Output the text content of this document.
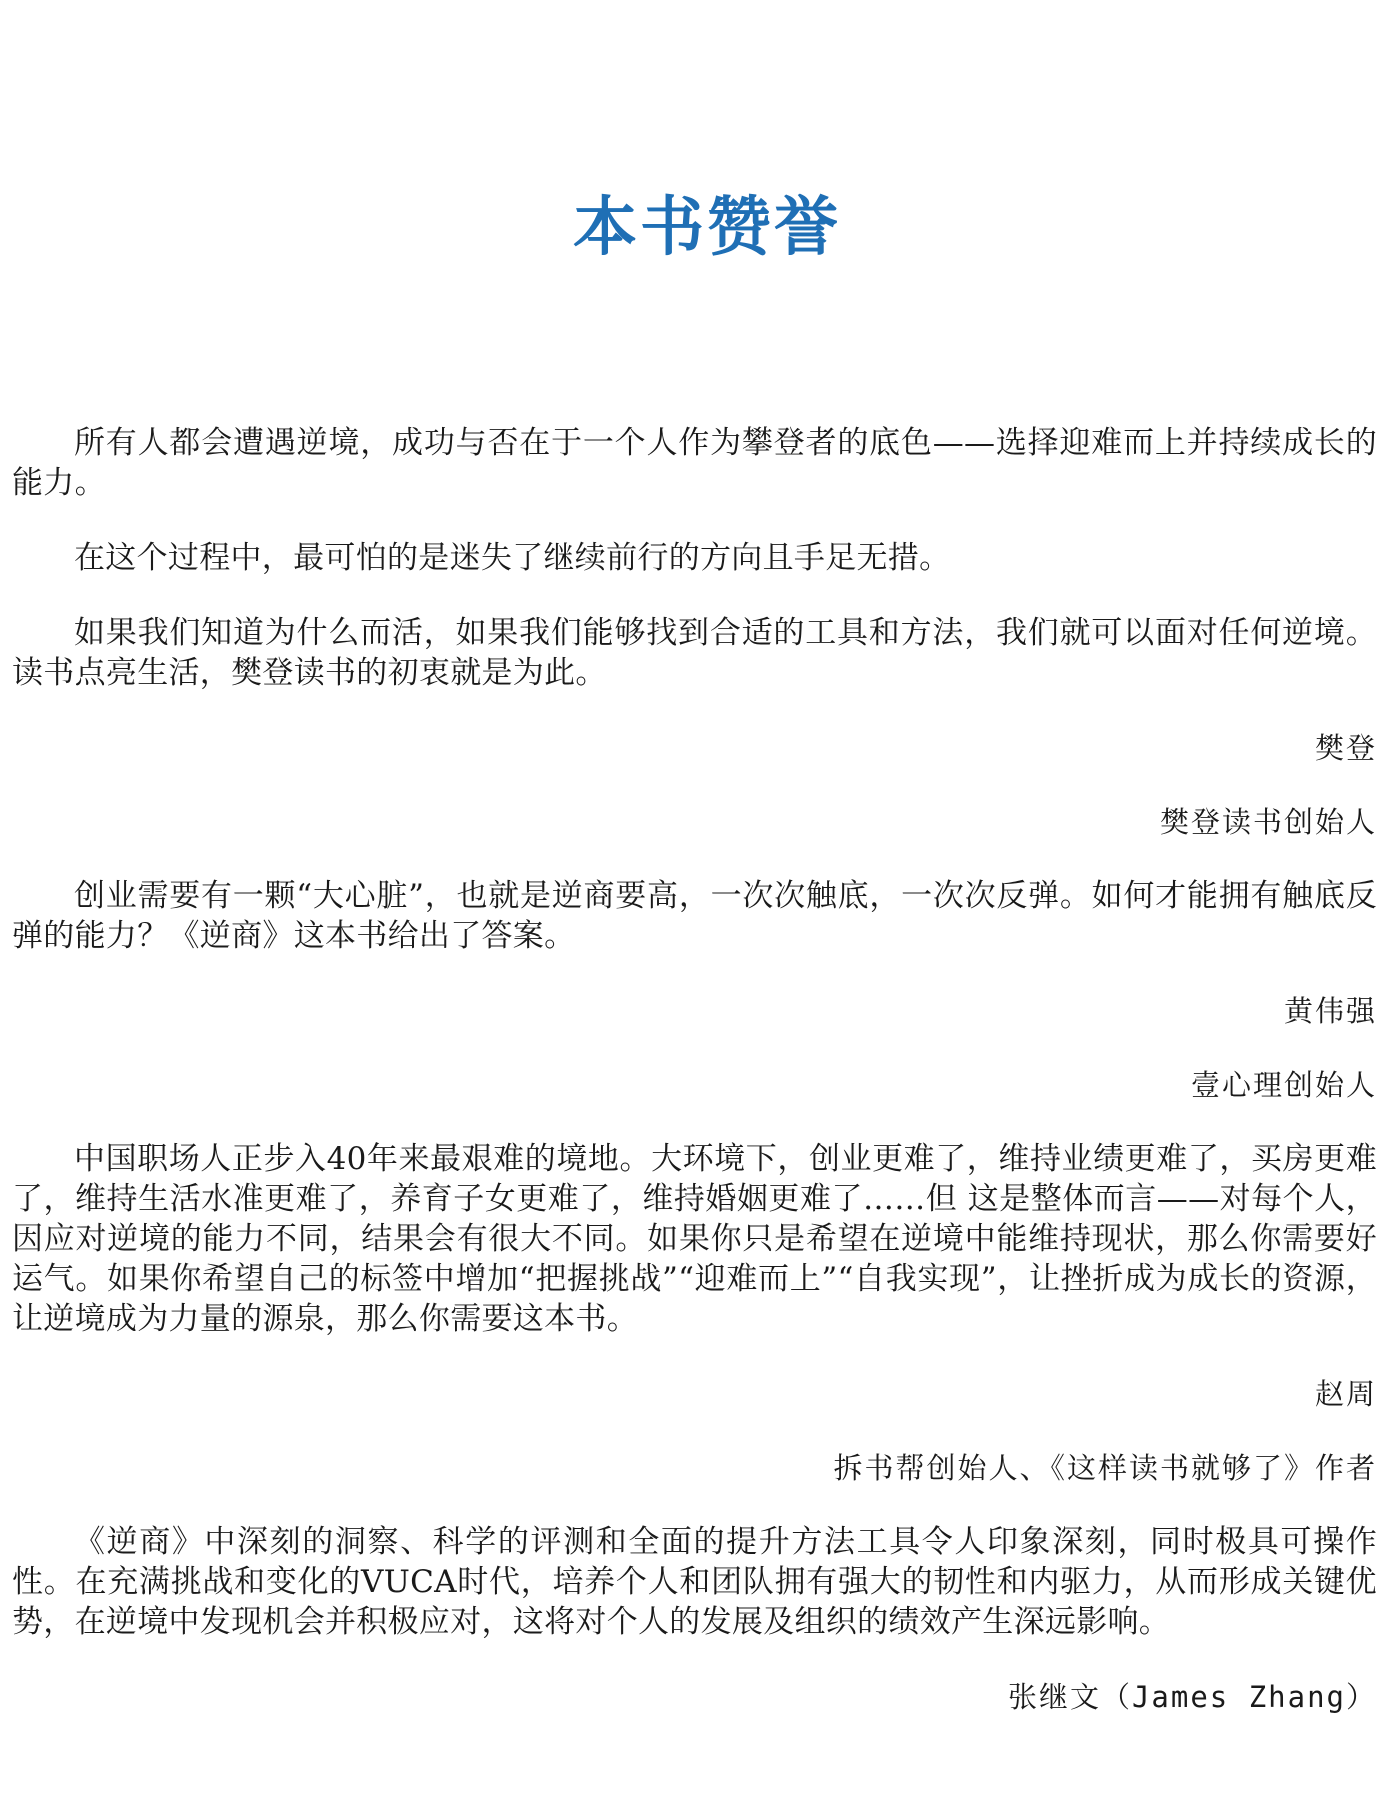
本书赞誉

所有人都会遭遇逆境，成功与否在于一个人作为攀登者的底色——选择迎难而上并持续成长的能力。

在这个过程中，最可怕的是迷失了继续前行的方向且手足无措。

如果我们知道为什么而活，如果我们能够找到合适的工具和方法，我们就可以面对任何逆境。读书点亮生活，樊登读书的初衷就是为此。

樊登

樊登读书创始人

创业需要有一颗“大心脏”，也就是逆商要高，一次次触底，一次次反弹。如何才能拥有触底反弹的能力？《逆商》这本书给出了答案。

黄伟强

壹心理创始人

中国职场人正步入40年来最艰难的境地。大环境下，创业更难了，维持业绩更难了，买房更难了，维持生活水准更难了，养育子女更难了，维持婚姻更难了……但 这是整体而言——对每个人，因应对逆境的能力不同，结果会有很大不同。如果你只是希望在逆境中能维持现状，那么你需要好运气。如果你希望自己的标签中增加“把握挑战”“迎难而上”“自我实现”，让挫折成为成长的资源，让逆境成为力量的源泉，那么你需要这本书。

赵周

拆书帮创始人、《这样读书就够了》作者

《逆商》中深刻的洞察、科学的评测和全面的提升方法工具令人印象深刻，同时极具可操作性。在充满挑战和变化的VUCA时代，培养个人和团队拥有强大的韧性和内驱力，从而形成关键优势，在逆境中发现机会并积极应对，这将对个人的发展及组织的绩效产生深远影响。

张继文（James Zhang）
